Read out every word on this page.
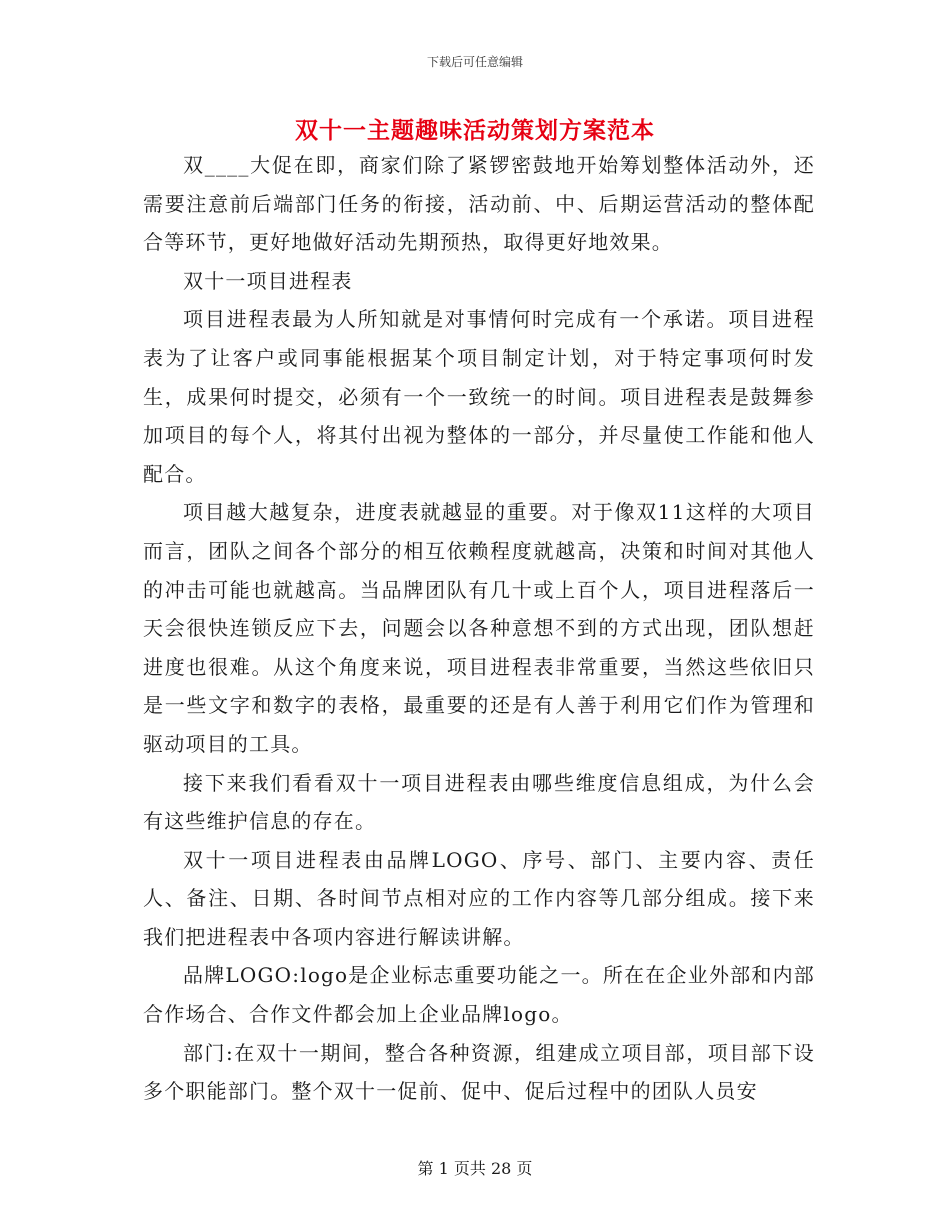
下载后可任意编辑
双十一主题趣味活动策划方案范本

双____大促在即，商家们除了紧锣密鼓地开始筹划整体活动外，还需要注意前后端部门任务的衔接，活动前、中、后期运营活动的整体配合等环节，更好地做好活动先期预热，取得更好地效果。

双十一项目进程表

项目进程表最为人所知就是对事情何时完成有一个承诺。项目进程表为了让客户或同事能根据某个项目制定计划，对于特定事项何时发生，成果何时提交，必须有一个一致统一的时间。项目进程表是鼓舞参加项目的每个人，将其付出视为整体的一部分，并尽量使工作能和他人配合。

项目越大越复杂，进度表就越显的重要。对于像双11这样的大项目而言，团队之间各个部分的相互依赖程度就越高，决策和时间对其他人的冲击可能也就越高。当品牌团队有几十或上百个人，项目进程落后一天会很快连锁反应下去，问题会以各种意想不到的方式出现，团队想赶进度也很难。从这个角度来说，项目进程表非常重要，当然这些依旧只是一些文字和数字的表格，最重要的还是有人善于利用它们作为管理和驱动项目的工具。

接下来我们看看双十一项目进程表由哪些维度信息组成，为什么会有这些维护信息的存在。

双十一项目进程表由品牌LOGO、序号、部门、主要内容、责任人、备注、日期、各时间节点相对应的工作内容等几部分组成。接下来我们把进程表中各项内容进行解读讲解。

品牌LOGO:logo是企业标志重要功能之一。所在在企业外部和内部合作场合、合作文件都会加上企业品牌logo。

部门:在双十一期间，整合各种资源，组建成立项目部，项目部下设多个职能部门。整个双十一促前、促中、促后过程中的团队人员安

第 1 页共 28 页
